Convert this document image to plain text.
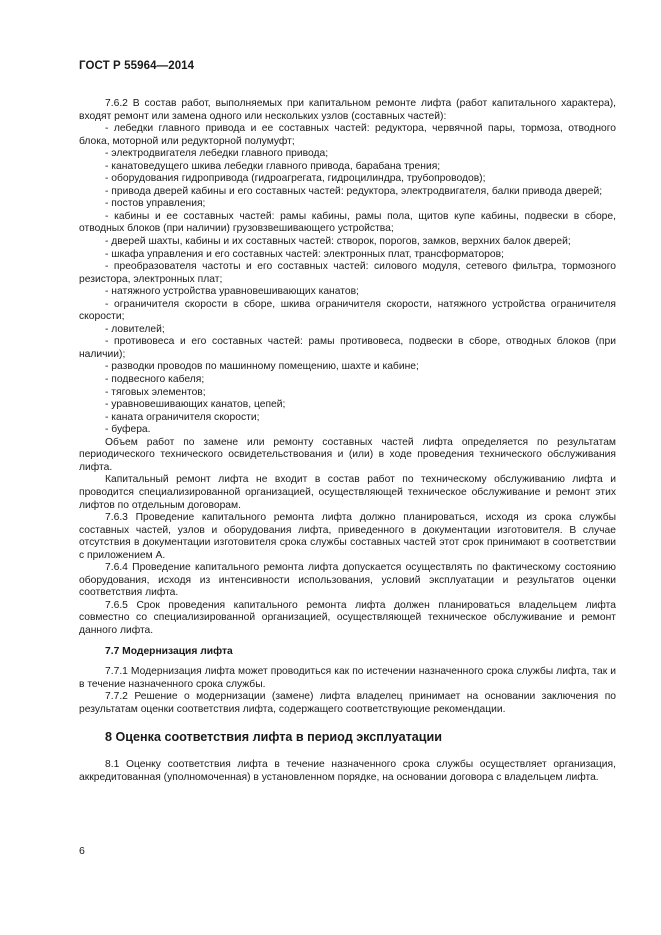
ГОСТ Р 55964—2014

7.6.2 В состав работ, выполняемых при капитальном ремонте лифта (работ капитального характера), входят ремонт или замена одного или нескольких узлов (составных частей):

- лебедки главного привода и ее составных частей: редуктора, червячной пары, тормоза, отводного блока, моторной или редукторной полумуфт;

- электродвигателя лебедки главного привода;

- канатоведущего шкива лебедки главного привода, барабана трения;

- оборудования гидропривода (гидроагрегата, гидроцилиндра, трубопроводов);

- привода дверей кабины и его составных частей: редуктора, электродвигателя, балки привода дверей;

- постов управления;

- кабины и ее составных частей: рамы кабины, рамы пола, щитов купе кабины, подвески в сборе, отводных блоков (при наличии) грузовзвешивающего устройства;

- дверей шахты, кабины и их составных частей: створок, порогов, замков, верхних балок дверей;

- шкафа управления и его составных частей: электронных плат, трансформаторов;

- преобразователя частоты и его составных частей: силового модуля, сетевого фильтра, тормозного резистора, электронных плат;

- натяжного устройства уравновешивающих канатов;

- ограничителя скорости в сборе, шкива ограничителя скорости, натяжного устройства ограничителя скорости;

- ловителей;

- противовеса и его составных частей: рамы противовеса, подвески в сборе, отводных блоков (при наличии);

- разводки проводов по машинному помещению, шахте и кабине;

- подвесного кабеля;

- тяговых элементов;

- уравновешивающих канатов, цепей;

- каната ограничителя скорости;

- буфера.

Объем работ по замене или ремонту составных частей лифта определяется по результатам периодического технического освидетельствования и (или) в ходе проведения технического обслуживания лифта.

Капитальный ремонт лифта не входит в состав работ по техническому обслуживанию лифта и проводится специализированной организацией, осуществляющей техническое обслуживание и ремонт этих лифтов по отдельным договорам.

7.6.3 Проведение капитального ремонта лифта должно планироваться, исходя из срока службы составных частей, узлов и оборудования лифта, приведенного в документации изготовителя. В случае отсутствия в документации изготовителя срока службы составных частей этот срок принимают в соответствии с приложением А.

7.6.4 Проведение капитального ремонта лифта допускается осуществлять по фактическому состоянию оборудования, исходя из интенсивности использования, условий эксплуатации и результатов оценки соответствия лифта.

7.6.5 Срок проведения капитального ремонта лифта должен планироваться владельцем лифта совместно со специализированной организацией, осуществляющей техническое обслуживание и ремонт данного лифта.

7.7 Модернизация лифта

7.7.1 Модернизация лифта может проводиться как по истечении назначенного срока службы лифта, так и в течение назначенного срока службы.

7.7.2 Решение о модернизации (замене) лифта владелец принимает на основании заключения по результатам оценки соответствия лифта, содержащего соответствующие рекомендации.

8 Оценка соответствия лифта в период эксплуатации

8.1 Оценку соответствия лифта в течение назначенного срока службы осуществляет организация, аккредитованная (уполномоченная) в установленном порядке, на основании договора с владельцем лифта.

6
